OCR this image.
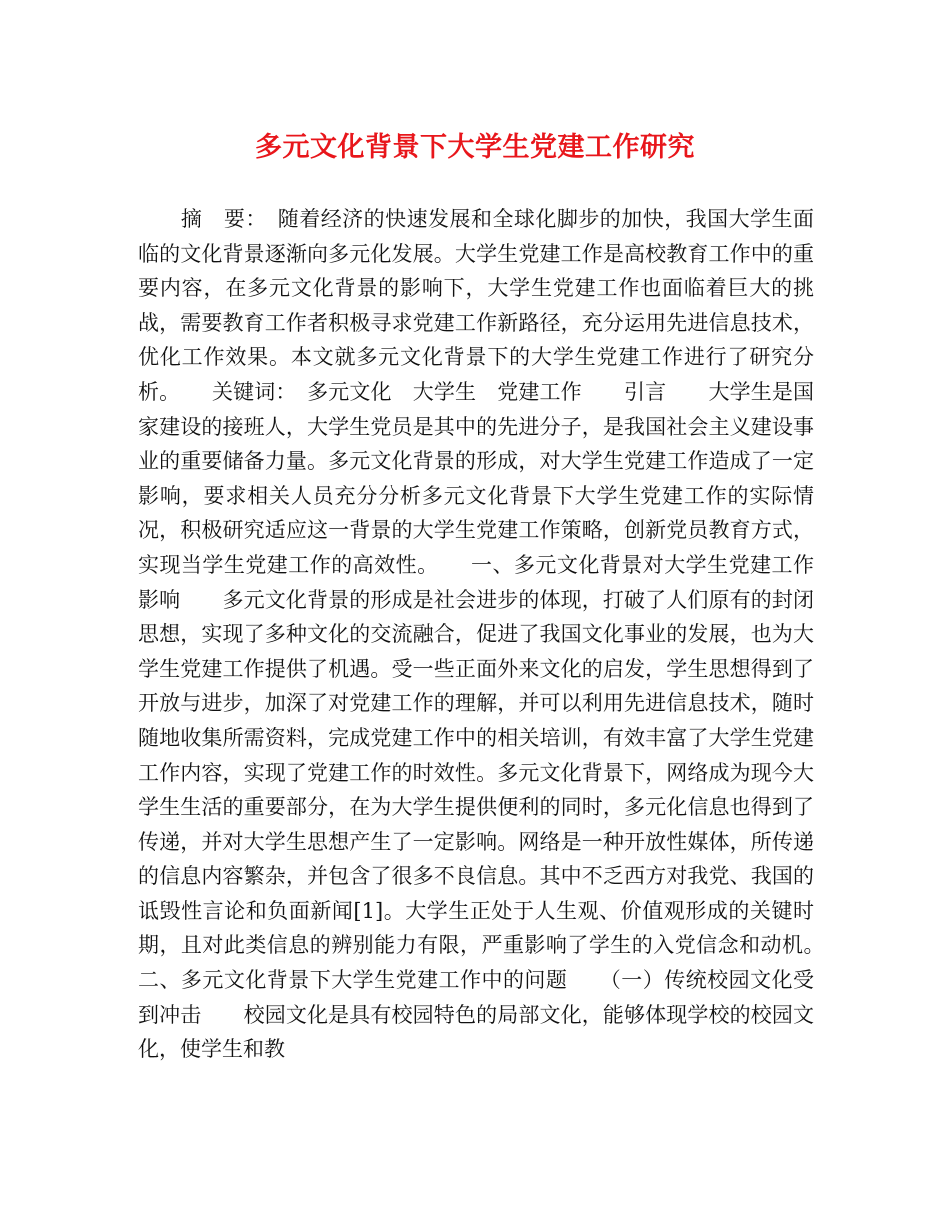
多元文化背景下大学生党建工作研究

　　摘　要：　随着经济的快速发展和全球化脚步的加快，我国大学生面临的文化背景逐渐向多元化发展。大学生党建工作是高校教育工作中的重要内容，在多元文化背景的影响下，大学生党建工作也面临着巨大的挑战，需要教育工作者积极寻求党建工作新路径，充分运用先进信息技术，优化工作效果。本文就多元文化背景下的大学生党建工作进行了研究分析。　　关键词：　多元文化　大学生　党建工作　　引言　　大学生是国家建设的接班人，大学生党员是其中的先进分子，是我国社会主义建设事业的重要储备力量。多元文化背景的形成，对大学生党建工作造成了一定影响，要求相关人员充分分析多元文化背景下大学生党建工作的实际情况，积极研究适应这一背景的大学生党建工作策略，创新党员教育方式，实现当学生党建工作的高效性。　　一、多元文化背景对大学生党建工作影响　　多元文化背景的形成是社会进步的体现，打破了人们原有的封闭思想，实现了多种文化的交流融合，促进了我国文化事业的发展，也为大学生党建工作提供了机遇。受一些正面外来文化的启发，学生思想得到了开放与进步，加深了对党建工作的理解，并可以利用先进信息技术，随时随地收集所需资料，完成党建工作中的相关培训，有效丰富了大学生党建工作内容，实现了党建工作的时效性。多元文化背景下，网络成为现今大学生生活的重要部分，在为大学生提供便利的同时，多元化信息也得到了传递，并对大学生思想产生了一定影响。网络是一种开放性媒体，所传递的信息内容繁杂，并包含了很多不良信息。其中不乏西方对我党、我国的诋毁性言论和负面新闻[1]。大学生正处于人生观、价值观形成的关键时期，且对此类信息的辨别能力有限，严重影响了学生的入党信念和动机。　　二、多元文化背景下大学生党建工作中的问题　　（一）传统校园文化受到冲击　　校园文化是具有校园特色的局部文化，能够体现学校的校园文化，使学生和教
